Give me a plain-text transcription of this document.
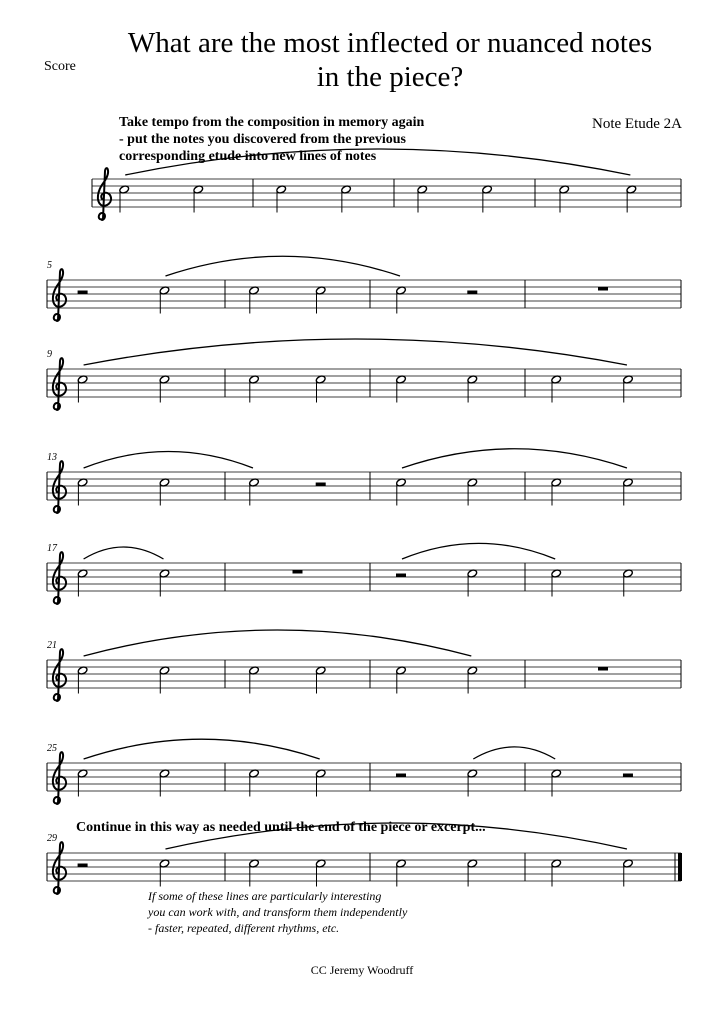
Score
What are the most inflected or nuanced notes
in the piece?
Take tempo from the composition in memory again
- put the notes you discovered from the previous
corresponding etude into new lines of notes
Note Etude 2A
5
9
13
17
21
25
29
Continue in this way as needed until the end of the piece or excerpt...
If some of these lines are particularly interesting
you can work with, and transform them independently
- faster, repeated, different rhythms, etc.
CC Jeremy Woodruff
